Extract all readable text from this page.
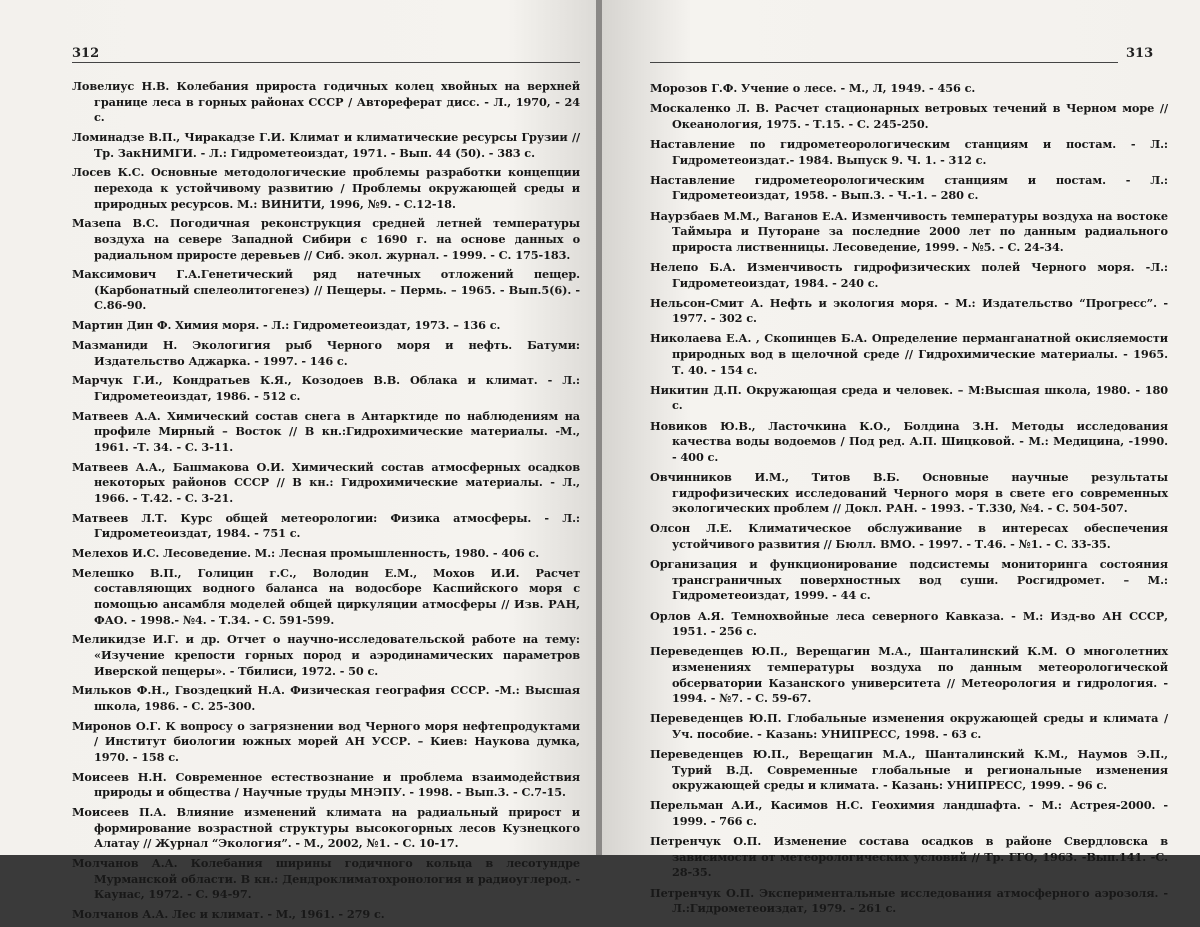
312
Ловелиус Н.В. Колебания прироста годичных колец хвойных на верхней границе леса в горных районах СССР / Автореферат дисс. - Л., 1970, - 24 с.
Ломинадзе В.П., Чиракадзе Г.И. Климат и климатические ресурсы Грузии // Тр. ЗакНИМГИ. - Л.: Гидрометеоиздат, 1971. - Вып. 44 (50). - 383 с.
Лосев К.С. Основные методологические проблемы разработки концепции перехода к устойчивому развитию / Проблемы окружающей среды и природных ресурсов. М.: ВИНИТИ, 1996, №9. - С.12-18.
Мазепа В.С. Погодичная реконструкция средней летней температуры воздуха на севере Западной Сибири с 1690 г. на основе данных о радиальном приросте деревьев // Сиб. экол. журнал. - 1999. - С. 175-183.
Максимович Г.А.Генетический ряд натечных отложений пещер. (Карбонатный спелеолитогенез) // Пещеры. – Пермь. – 1965. - Вып.5(6). - С.86-90.
Мартин Дин Ф. Химия моря. - Л.: Гидрометеоиздат, 1973. – 136 с.
Мазманиди Н. Экологигия рыб Черного моря и нефть. Батуми: Издательство Аджарка. - 1997. - 146 с.
Марчук Г.И., Кондратьев К.Я., Козодоев В.В. Облака и климат. - Л.: Гидрометеоиздат, 1986. - 512 с.
Матвеев А.А. Химический состав снега в Антарктиде по наблюдениям на профиле Мирный – Восток // В кн.:Гидрохимические материалы. -М., 1961. -Т. 34. - С. 3-11.
Матвеев А.А., Башмакова О.И. Химический состав атмосферных осадков некоторых районов СССР // В кн.: Гидрохимические материалы. - Л., 1966. - Т.42. - С. 3-21.
Матвеев Л.Т. Курс общей метеорологии: Физика атмосферы. - Л.: Гидрометеоиздат, 1984. - 751 с.
Мелехов И.С. Лесоведение. М.: Лесная промышленность, 1980. - 406 с.
Мелешко В.П., Голицин г.С., Володин Е.М., Мохов И.И. Расчет составляющих водного баланса на водосборе Каспийского моря с помощью ансамбля моделей общей циркуляции атмосферы // Изв. РАН, ФАО. - 1998.- №4. - Т.34. - С. 591-599.
Меликидзе И.Г. и др. Отчет о научно-исследовательской работе на тему: «Изучение крепости горных пород и аэродинамических параметров Иверской пещеры». - Тбилиси, 1972. - 50 с.
Мильков Ф.Н., Гвоздецкий Н.А. Физическая география СССР. -М.: Высшая школа, 1986. - С. 25-300.
Миронов О.Г. К вопросу о загрязнении вод Черного моря нефтепродуктами / Институт биологии южных морей АН УССР. – Киев: Наукова думка, 1970. - 158 с.
Моисеев Н.Н. Современное естествознание и проблема взаимодействия природы и общества / Научные труды МНЭПУ. - 1998. - Вып.3. - С.7-15.
Моисеев П.А. Влияние изменений климата на радиальный прирост и формирование возрастной структуры высокогорных лесов Кузнецкого Алатау // Журнал “Экология”. - М., 2002, №1. - С. 10-17.
Молчанов А.А. Колебания ширины годичного кольца в лесотундре Мурманской области. В кн.: Дендроклиматохронология и радиоуглерод. - Каунас, 1972. - С. 94-97.
Молчанов А.А. Лес и климат. - М., 1961. - 279 с.
313
Морозов Г.Ф. Учение о лесе. - М., Л, 1949. - 456 с.
Москаленко Л. В. Расчет стационарных ветровых течений в Черном море // Океанология, 1975. - Т.15. - С. 245-250.
Наставление по гидрометеорологическим станциям и постам. - Л.: Гидрометеоиздат.- 1984. Выпуск 9. Ч. 1. - 312 с.
Наставление гидрометеорологическим станциям и постам. - Л.: Гидрометеоиздат, 1958. - Вып.3. - Ч.-1. – 280 с.
Наурзбаев М.М., Ваганов Е.А. Изменчивость температуры воздуха на востоке Таймыра и Путоране за последние 2000 лет по данным радиального прироста лиственницы. Лесоведение, 1999. - №5. - С. 24-34.
Нелепо Б.А. Изменчивость гидрофизических полей Черного моря. -Л.: Гидрометеоиздат, 1984. - 240 с.
Нельсон-Смит А. Нефть и экология моря. - М.: Издательство “Прогресс”. - 1977. - 302 с.
Николаева Е.А. , Скопинцев Б.А. Определение перманганатной окисляемости природных вод в щелочной среде // Гидрохимические материалы. - 1965. Т. 40. - 154 с.
Никитин Д.П. Окружающая среда и человек. – М:Высшая школа, 1980. - 180 с.
Новиков Ю.В., Ласточкина К.О., Болдина З.Н. Методы исследования качества воды водоемов / Под ред. А.П. Шицковой. - М.: Медицина, -1990. - 400 с.
Овчинников И.М., Титов В.Б. Основные научные результаты гидрофизических исследований Черного моря в свете его современных экологических проблем // Докл. РАН. - 1993. - Т.330, №4. - С. 504-507.
Олсон Л.Е. Климатическое обслуживание в интересах обеспечения устойчивого развития // Бюлл. ВМО. - 1997. - Т.46. - №1. - С. 33-35.
Организация и функционирование подсистемы мониторинга состояния трансграничных поверхностных вод суши. Росгидромет. – М.: Гидрометеоиздат, 1999. - 44 с.
Орлов А.Я. Темнохвойные леса северного Кавказа. - М.: Изд-во АН СССР, 1951. - 256 с.
Переведенцев Ю.П., Верещагин М.А., Шанталинский К.М. О многолетних изменениях температуры воздуха по данным метеорологической обсерватории Казанского университета // Метеорология и гидрология. - 1994. - №7. - С. 59-67.
Переведенцев Ю.П. Глобальные изменения окружающей среды и климата / Уч. пособие. - Казань: УНИПРЕСС, 1998. - 63 с.
Переведенцев Ю.П., Верещагин М.А., Шанталинский К.М., Наумов Э.П., Турий В.Д. Современные глобальные и региональные изменения окружающей среды и климата. - Казань: УНИПРЕСС, 1999. - 96 с.
Перельман А.И., Касимов Н.С. Геохимия ландшафта. - М.: Астрея-2000. - 1999. - 766 с.
Петренчук О.П. Изменение состава осадков в районе Свердловска в зависимости от метеорологических условий // Тр. ГГО, 1963. -Вып.141. -С. 28-35.
Петренчук О.П. Экспериментальные исследования атмосферного аэрозоля. - Л.:Гидрометеоиздат, 1979. - 261 с.
